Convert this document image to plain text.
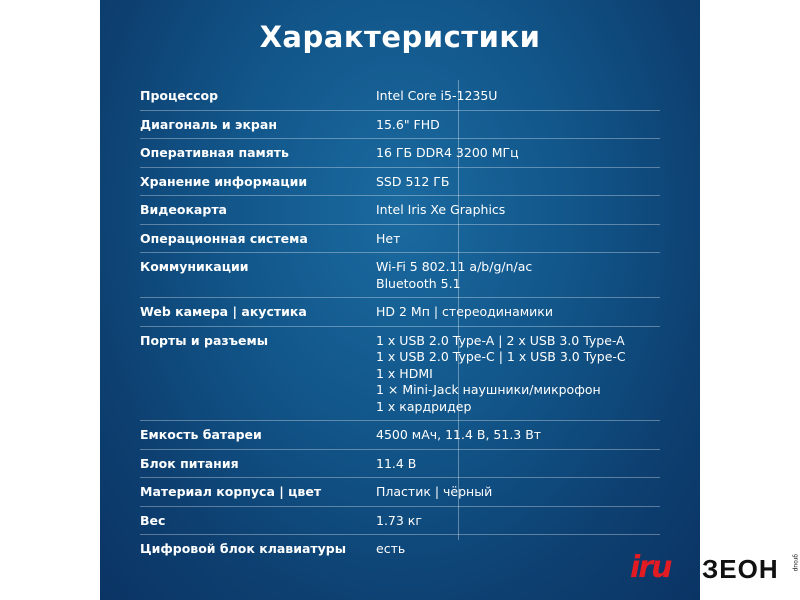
Характеристики
Процессор	Intel Core i5-1235U
Диагональ и экран	15.6" FHD
Оперативная память	16 ГБ DDR4 3200 МГц
Хранение информации	SSD 512 ГБ
Видеокарта	Intel Iris Xe Graphics
Операционная система	Нет
Коммуникации	Wi-Fi 5 802.11 a/b/g/n/ac
Bluetooth 5.1
Web камера | акустика	HD 2 Мп | стереодинамики
Порты и разъемы	1 x USB 2.0 Type-A | 2 x USB 3.0 Type-A
1 x USB 2.0 Type-C | 1 x USB 3.0 Type-C
1 x HDMI
1 × Mini-Jack наушники/микрофон
1 x кардридер
Емкость батареи	4500 мАч, 11.4 В, 51.3 Вт
Блок питания	11.4 В
Материал корпуса | цвет	Пластик | чёрный
Вес	1.73 кг
Цифровой блок клавиатуры	есть
iru ЗЕОН	group
